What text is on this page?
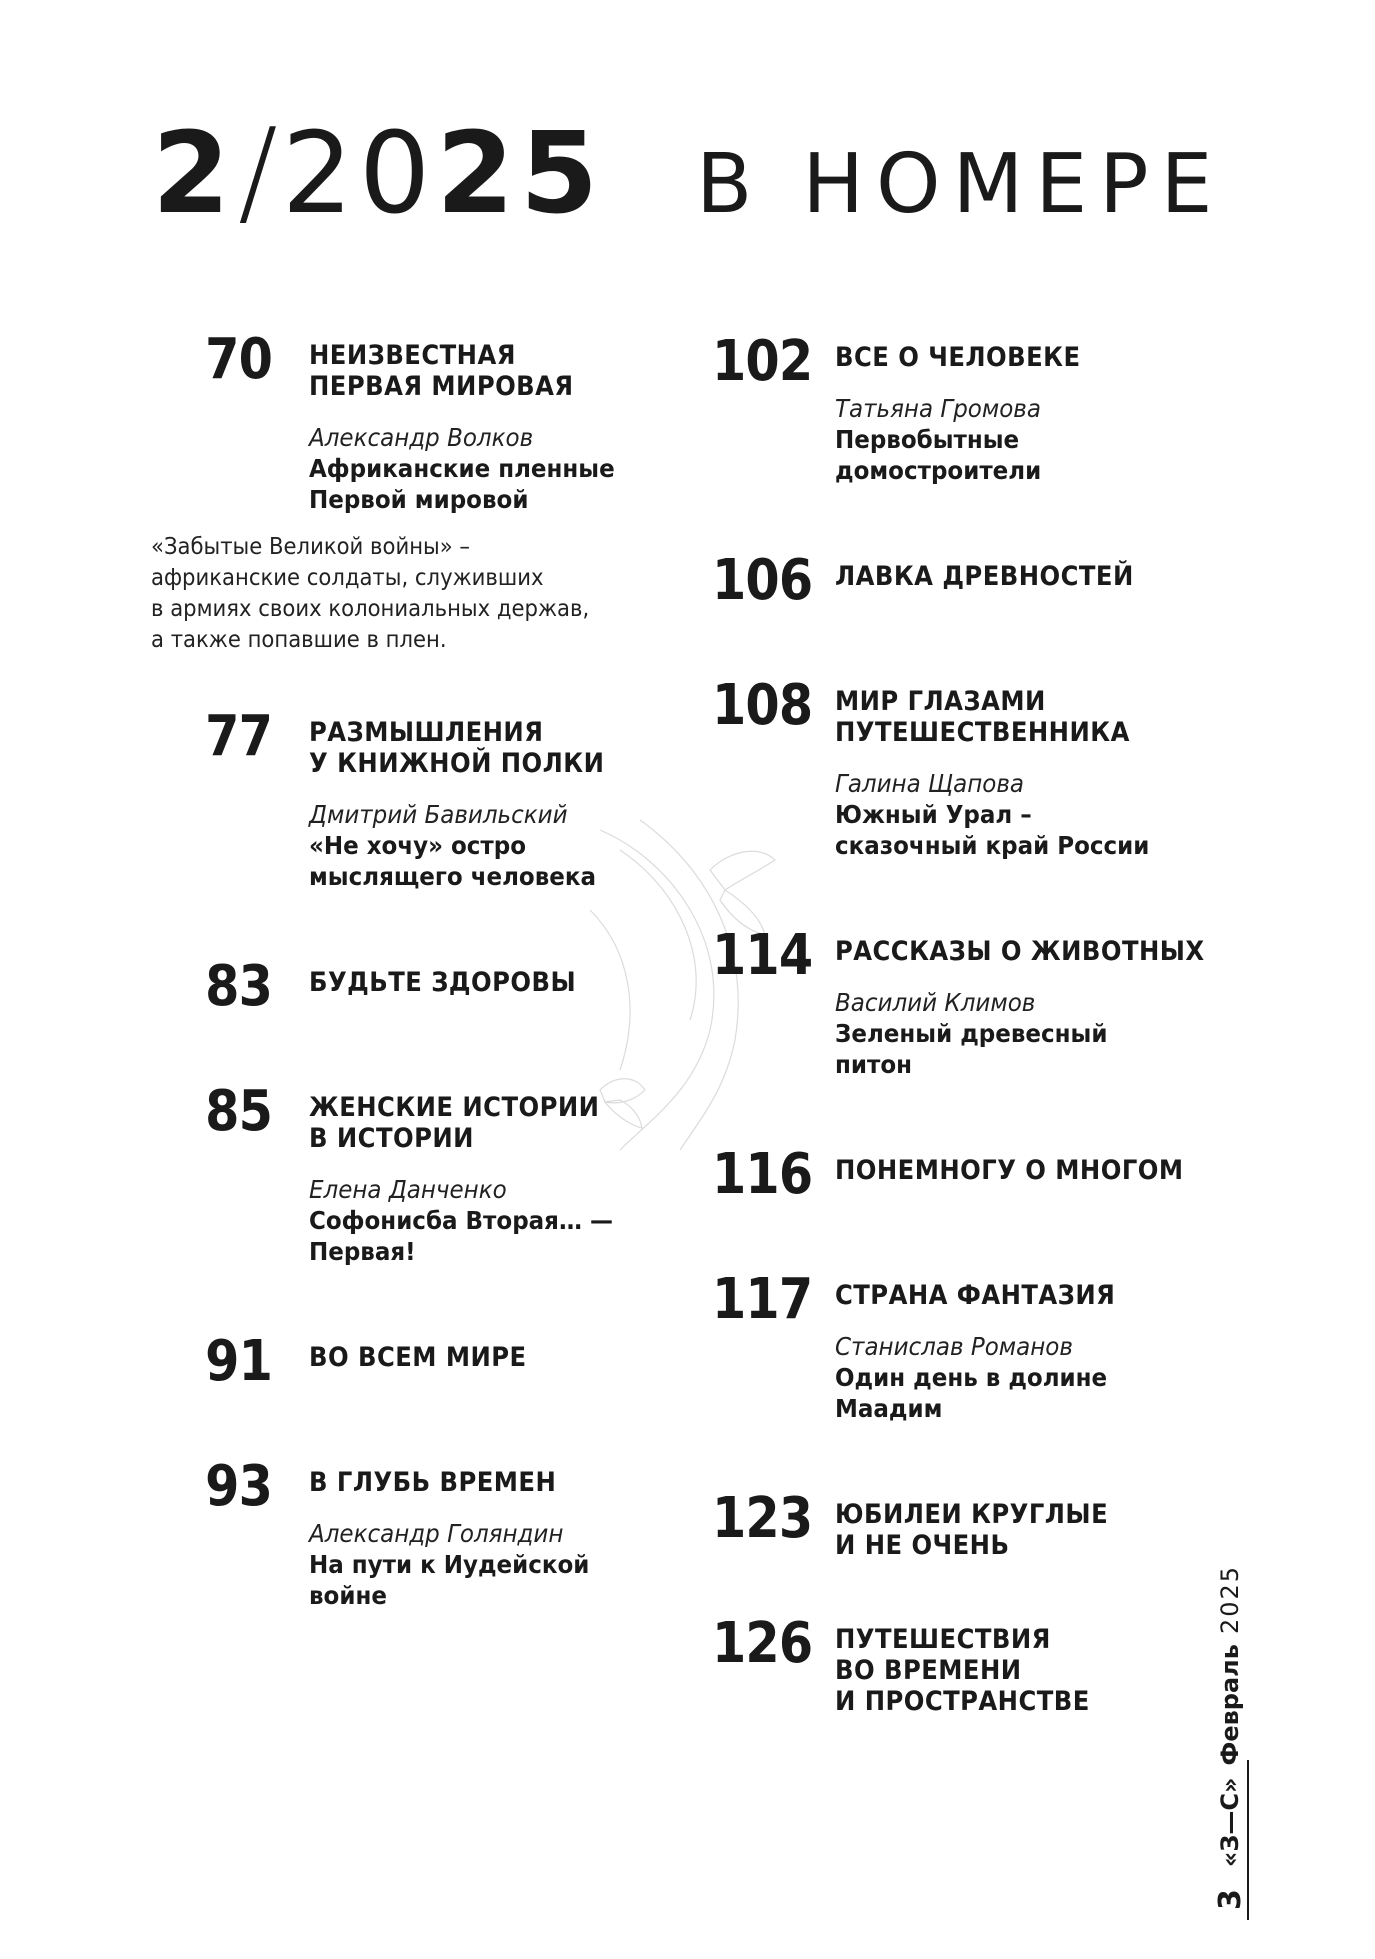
2 / 20 25 В НОМЕРЕ
70 НЕИЗВЕСТНАЯ
ПЕРВАЯ МИРОВАЯ
Александр Волков
Африканские пленные
Первой мировой
«Забытые Великой войны» –
африканские солдаты, служивших
в армиях своих колониальных держав,
а также попавшие в плен.
77 РАЗМЫШЛЕНИЯ
У КНИЖНОЙ ПОЛКИ
Дмитрий Бавильский
«Не хочу» остро
мыслящего человека
83 БУДЬТЕ ЗДОРОВЫ
85 ЖЕНСКИЕ ИСТОРИИ
В ИСТОРИИ
Елена Данченко
Софонисба Вторая… —
Первая!
91 ВО ВСЕМ МИРЕ
93 В ГЛУБЬ ВРЕМЕН
Александр Голяндин
На пути к Иудейской
войне
102 ВСЕ О ЧЕЛОВЕКЕ
Татьяна Громова
Первобытные
домостроители
106 ЛАВКА ДРЕВНОСТЕЙ
108 МИР ГЛАЗАМИ
ПУТЕШЕСТВЕННИКА
Галина Щапова
Южный Урал –
сказочный край России
114 РАССКАЗЫ О ЖИВОТНЫХ
Василий Климов
Зеленый древесный
питон
116 ПОНЕМНОГУ О МНОГОМ
117 СТРАНА ФАНТАЗИЯ
Станислав Романов
Один день в долине
Маадим
123 ЮБИЛЕИ КРУГЛЫЕ
И НЕ ОЧЕНЬ
126 ПУТЕШЕСТВИЯ
ВО ВРЕМЕНИ
И ПРОСТРАНСТВЕ
3
«З—С»
Февраль
2025
